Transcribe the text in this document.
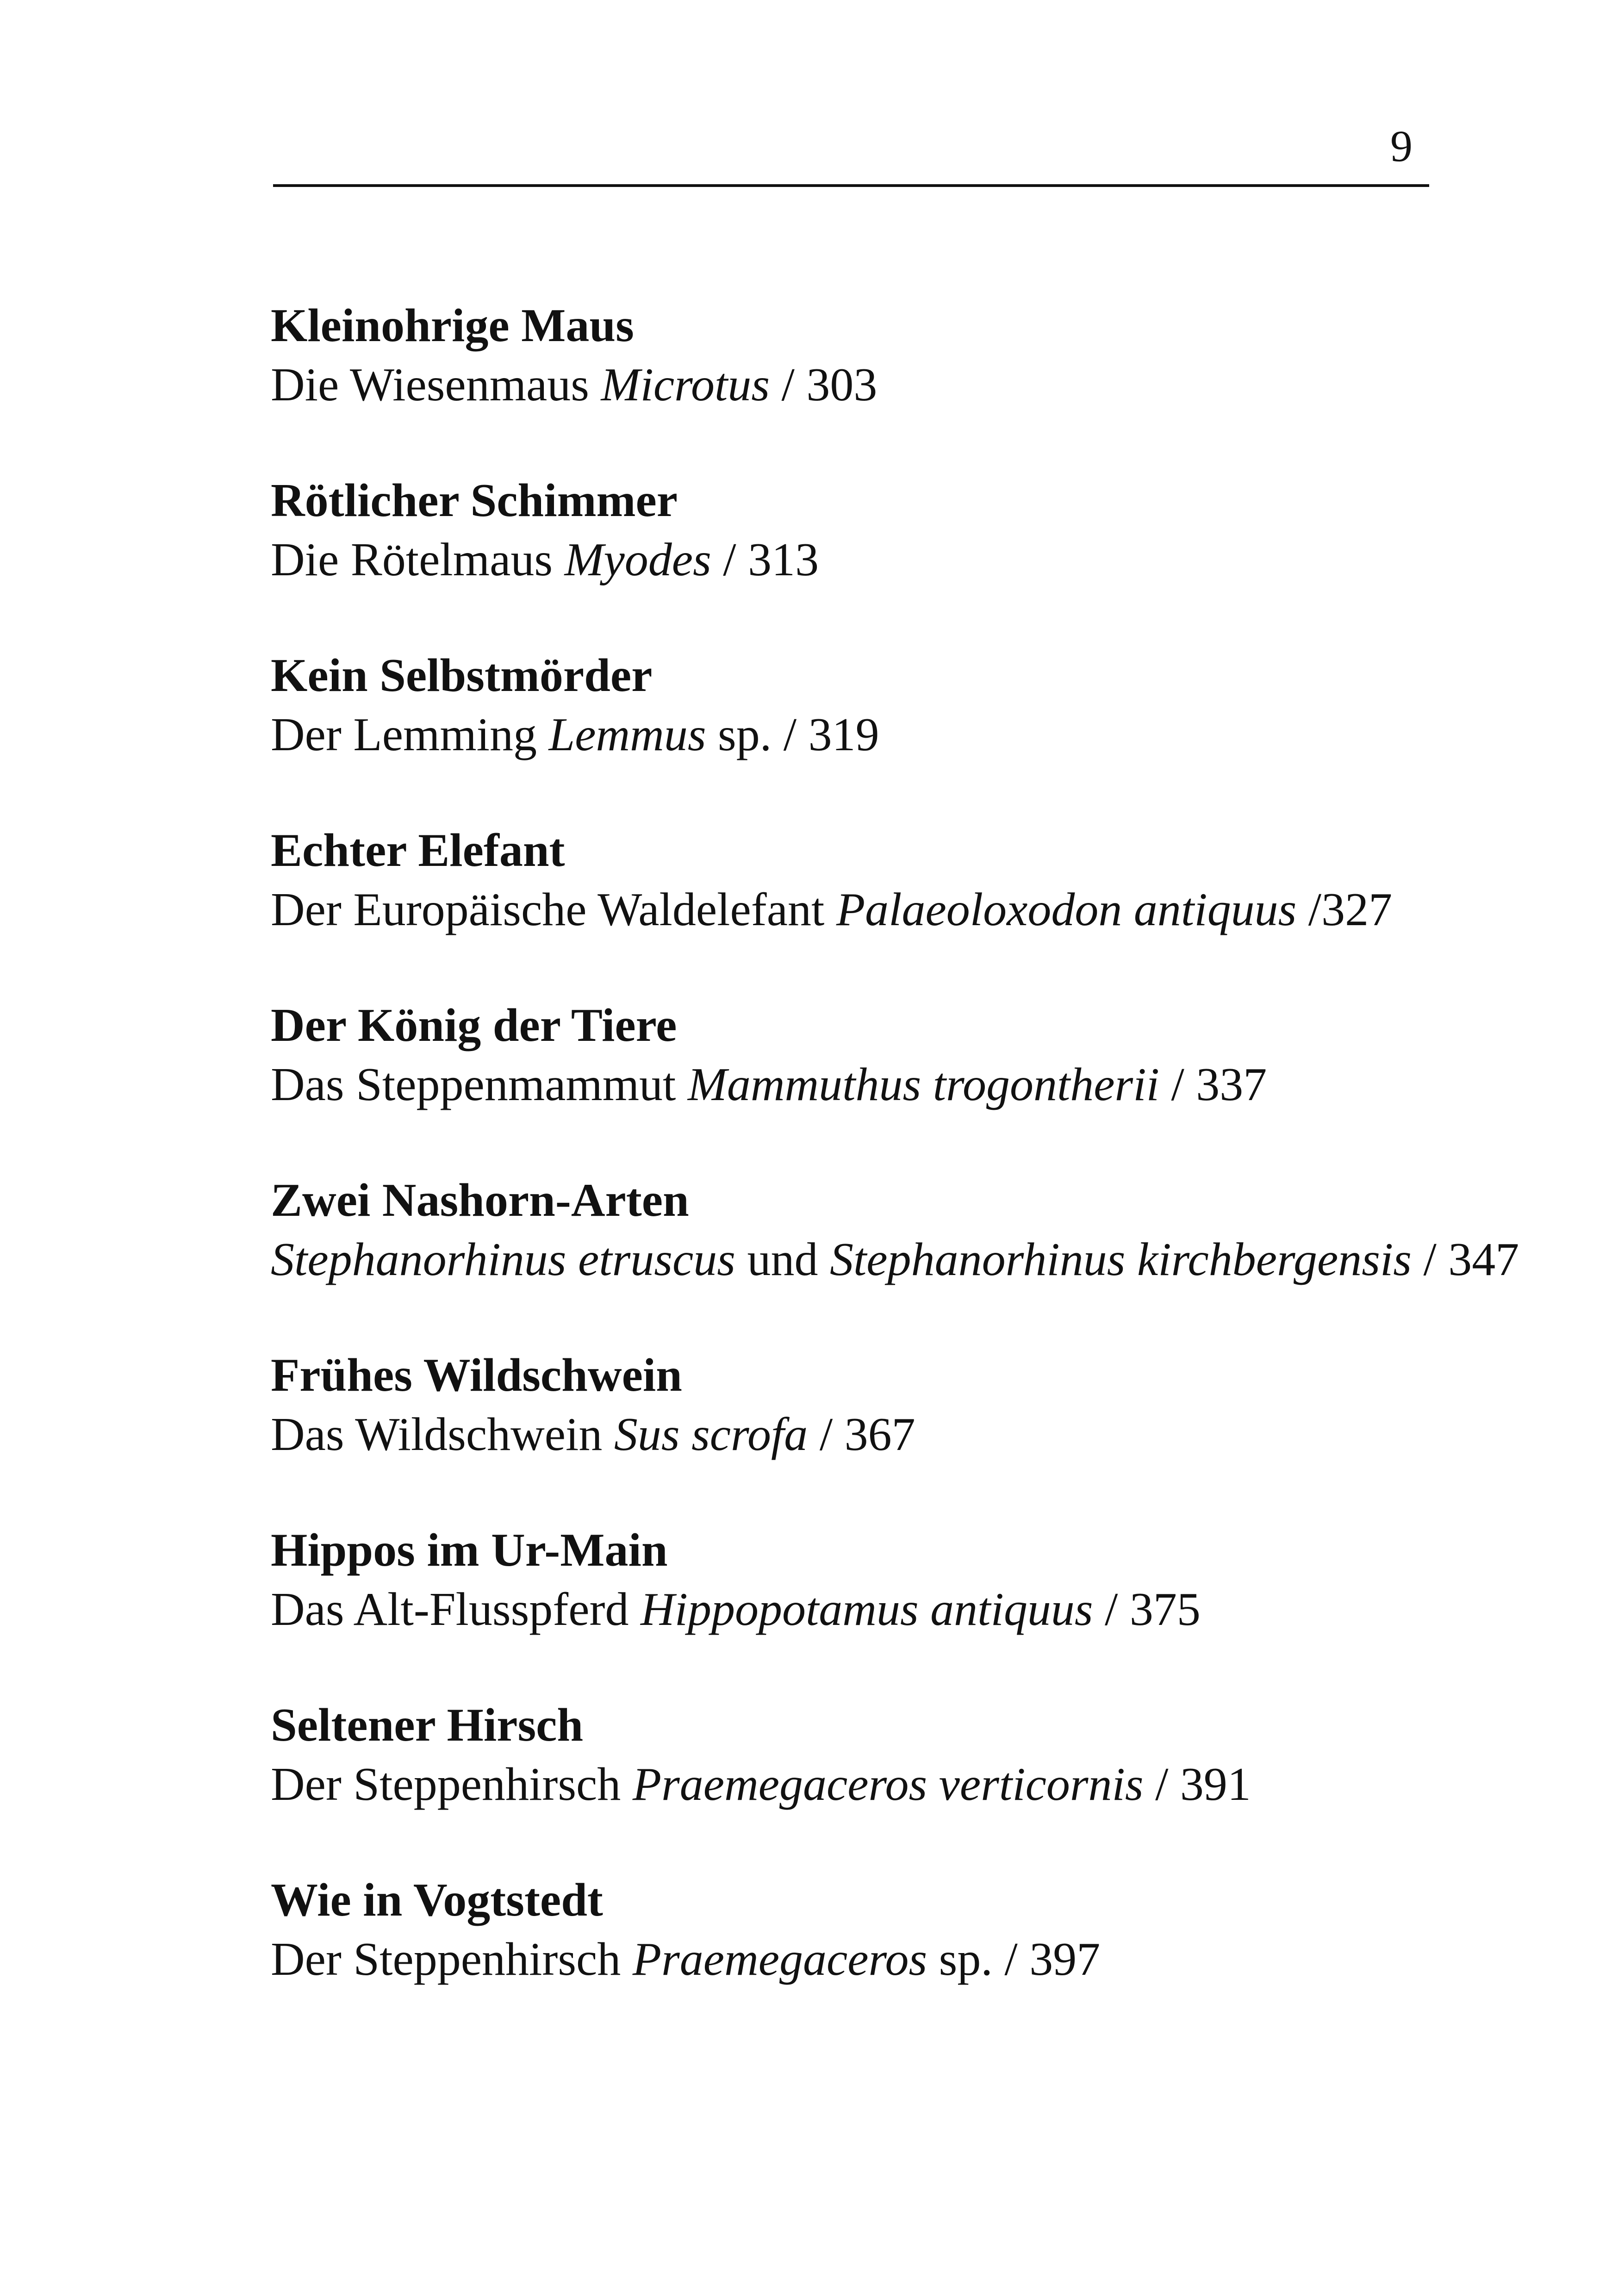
9
Kleinohrige Maus
Die Wiesenmaus Microtus / 303
Rötlicher Schimmer
Die Rötelmaus Myodes / 313
Kein Selbstmörder
Der Lemming Lemmus sp. / 319
Echter Elefant
Der Europäische Waldelefant Palaeoloxodon antiquus /327
Der König der Tiere
Das Steppenmammut Mammuthus trogontherii / 337
Zwei Nashorn-Arten
Stephanorhinus etruscus und Stephanorhinus kirchbergensis / 347
Frühes Wildschwein
Das Wildschwein Sus scrofa / 367
Hippos im Ur-Main
Das Alt-Flusspferd Hippopotamus antiquus / 375
Seltener Hirsch
Der Steppenhirsch Praemegaceros verticornis / 391
Wie in Vogtstedt
Der Steppenhirsch Praemegaceros sp. / 397
